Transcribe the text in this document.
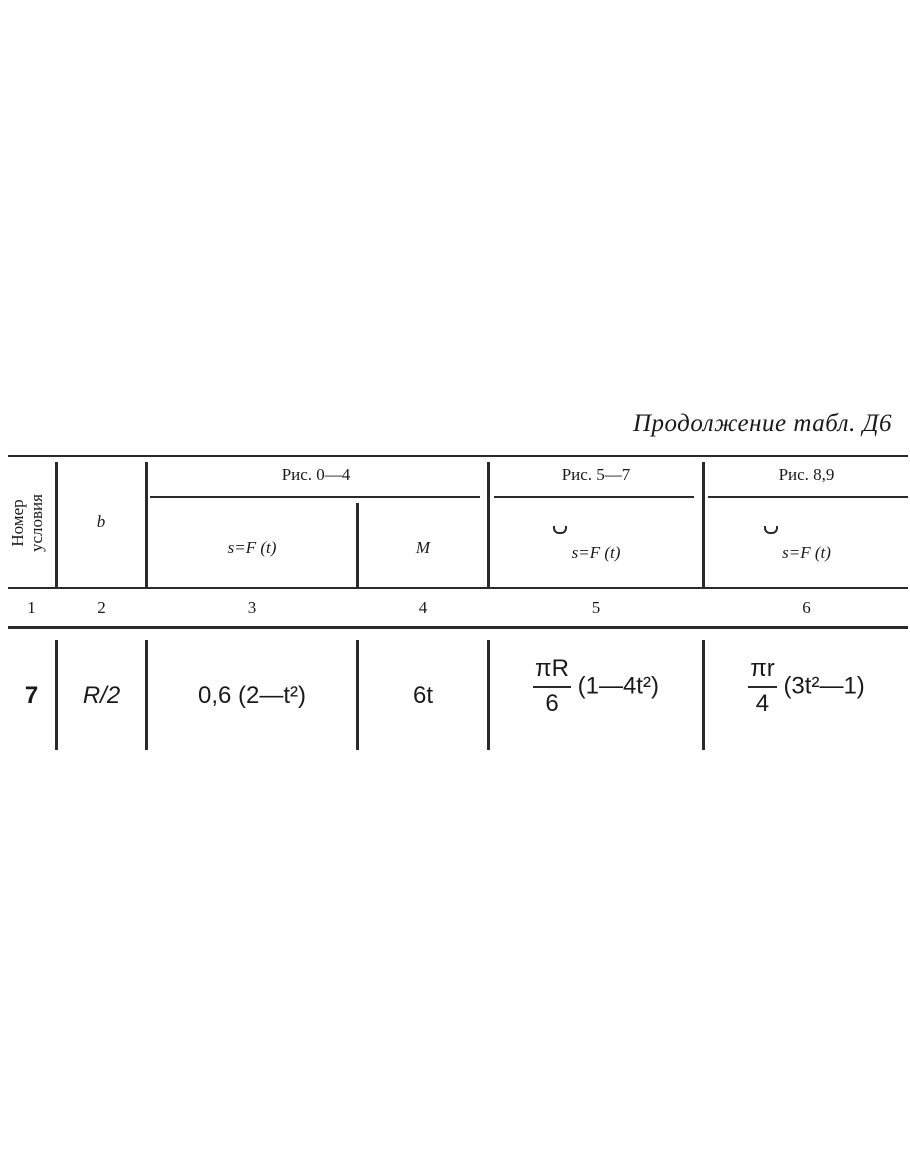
Продолжение табл. Д6
Номер условия	b
Рис. 0—4	Рис. 5—7	Рис. 8,9
s=F (t)	M	s=F (t)	s=F (t)
1	2	3	4	5	6
7	R/2	0,6 (2—t²)	6t	$\frac{\pi R}{6}$ (1—4t²)	$\frac{\pi r}{4}$ (3t²—1)
